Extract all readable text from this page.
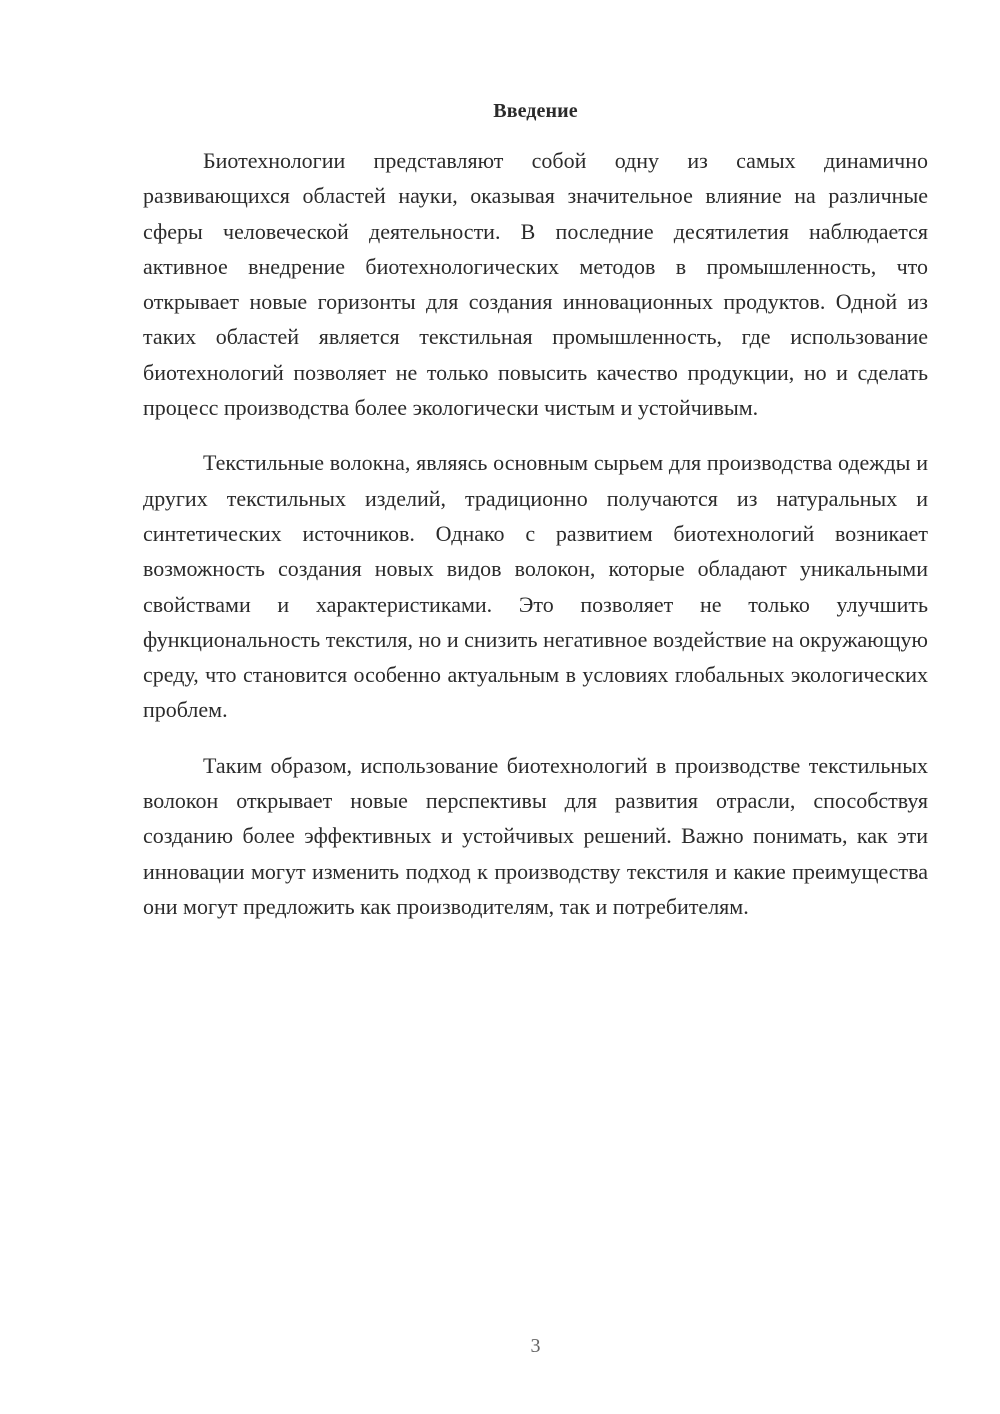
Введение

Биотехнологии представляют собой одну из самых динамично развивающихся областей науки, оказывая значительное влияние на различные сферы человеческой деятельности. В последние десятилетия наблюдается активное внедрение биотехнологических методов в промышленность, что открывает новые горизонты для создания инновационных продуктов. Одной из таких областей является текстильная промышленность, где использование биотехнологий позволяет не только повысить качество продукции, но и сделать процесс производства более экологически чистым и устойчивым.

Текстильные волокна, являясь основным сырьем для производства одежды и других текстильных изделий, традиционно получаются из натуральных и синтетических источников. Однако с развитием биотехнологий возникает возможность создания новых видов волокон, которые обладают уникальными свойствами и характеристиками. Это позволяет не только улучшить функциональность текстиля, но и снизить негативное воздействие на окружающую среду, что становится особенно актуальным в условиях глобальных экологических проблем.

Таким образом, использование биотехнологий в производстве текстильных волокон открывает новые перспективы для развития отрасли, способствуя созданию более эффективных и устойчивых решений. Важно понимать, как эти инновации могут изменить подход к производству текстиля и какие преимущества они могут предложить как производителям, так и потребителям.

3
